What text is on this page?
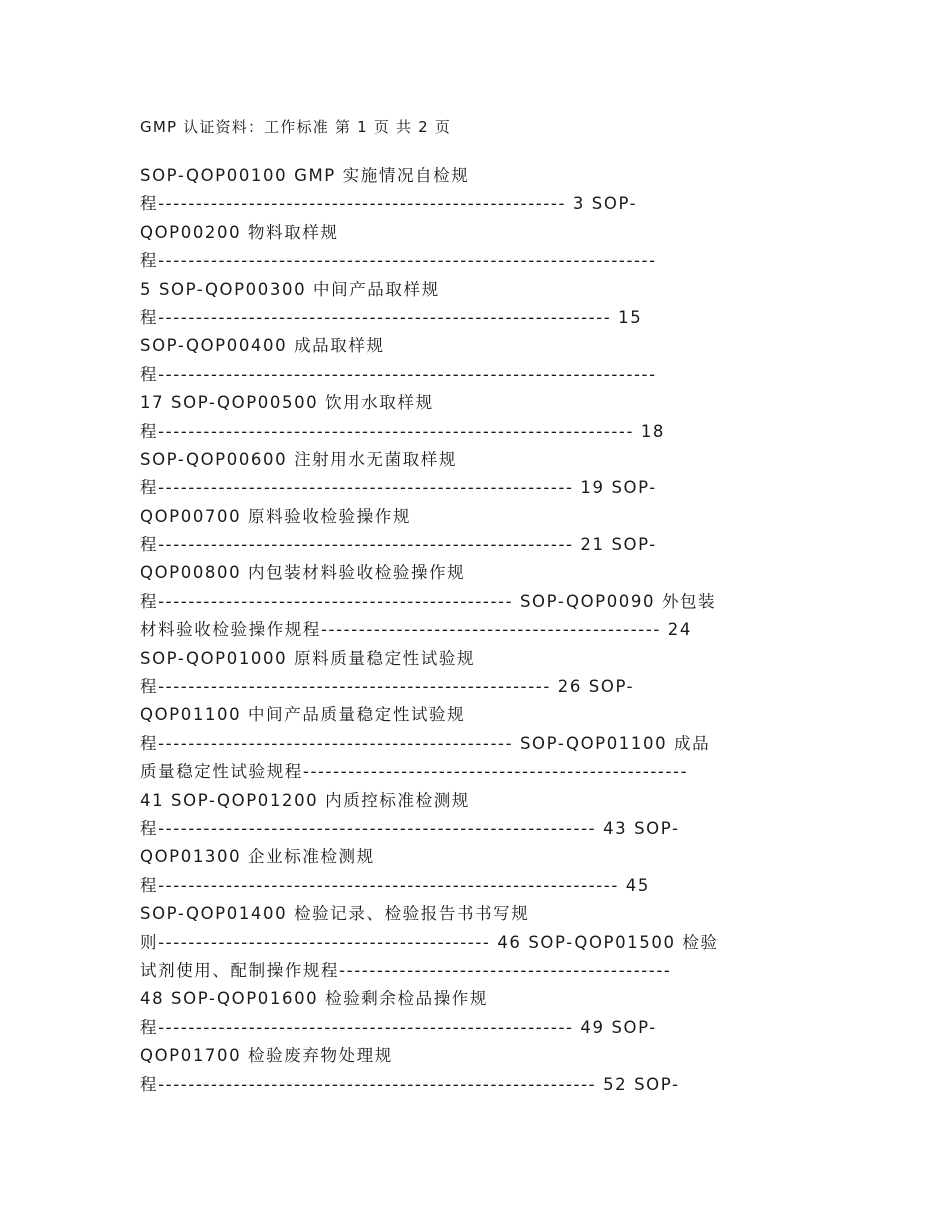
GMP 认证资料：工作标准 第 1 页 共 2 页
SOP-QOP00100 GMP 实施情况自检规
程------------------------------------------------------ 3 SOP-
QOP00200 物料取样规
程------------------------------------------------------------------
5 SOP-QOP00300 中间产品取样规
程------------------------------------------------------------ 15
SOP-QOP00400 成品取样规
程------------------------------------------------------------------
17 SOP-QOP00500 饮用水取样规
程--------------------------------------------------------------- 18
SOP-QOP00600 注射用水无菌取样规
程------------------------------------------------------- 19 SOP-
QOP00700 原料验收检验操作规
程------------------------------------------------------- 21 SOP-
QOP00800 内包装材料验收检验操作规
程----------------------------------------------- SOP-QOP0090 外包装
材料验收检验操作规程--------------------------------------------- 24
SOP-QOP01000 原料质量稳定性试验规
程---------------------------------------------------- 26 SOP-
QOP01100 中间产品质量稳定性试验规
程----------------------------------------------- SOP-QOP01100 成品
质量稳定性试验规程---------------------------------------------------
41 SOP-QOP01200 内质控标准检测规
程---------------------------------------------------------- 43 SOP-
QOP01300 企业标准检测规
程------------------------------------------------------------- 45
SOP-QOP01400 检验记录、检验报告书书写规
则-------------------------------------------- 46 SOP-QOP01500 检验
试剂使用、配制操作规程--------------------------------------------
48 SOP-QOP01600 检验剩余检品操作规
程------------------------------------------------------- 49 SOP-
QOP01700 检验废弃物处理规
程---------------------------------------------------------- 52 SOP-
